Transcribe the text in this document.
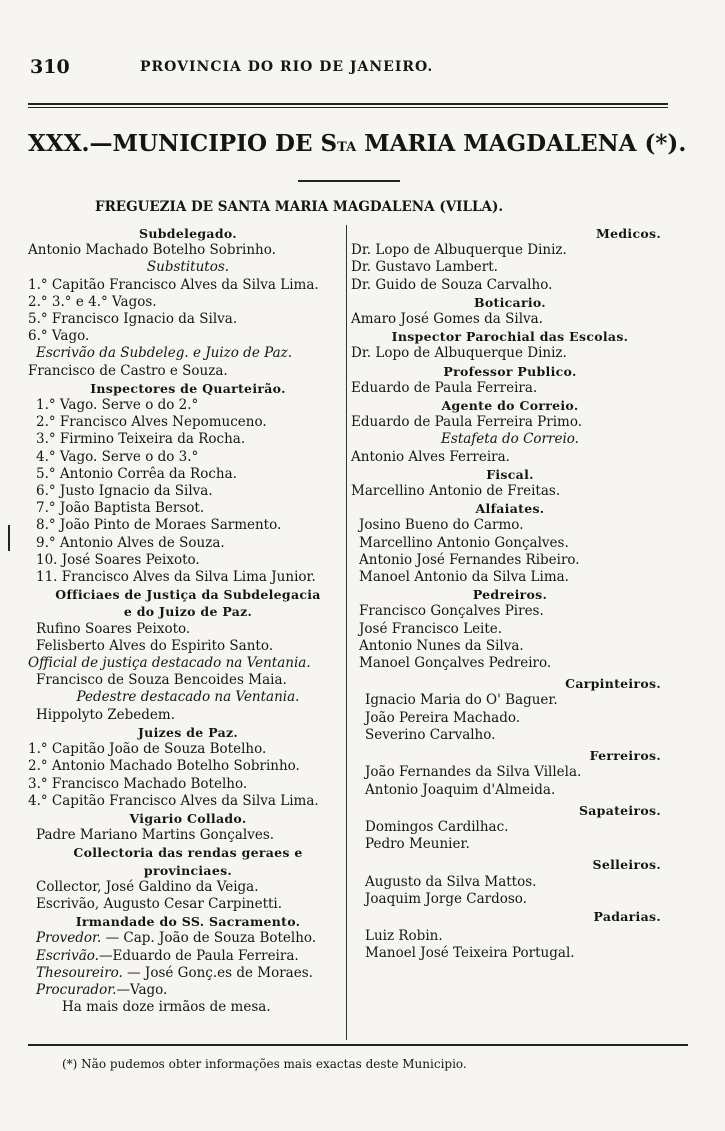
310	PROVINCIA DO RIO DE JANEIRO.
XXX.—MUNICIPIO DE STA MARIA MAGDALENA (*).
FREGUEZIA DE SANTA MARIA MAGDALENA (VILLA).
Subdelegado.
Antonio Machado Botelho Sobrinho.
Substitutos.
1.° Capitão Francisco Alves da Silva Lima.
2.° 3.° e 4.° Vagos.
5.° Francisco Ignacio da Silva.
6.° Vago.
Escrivão da Subdeleg. e Juizo de Paz.
Francisco de Castro e Souza.
Inspectores de Quarteirão.
1.° Vago. Serve o do 2.°
2.° Francisco Alves Nepomuceno.
3.° Firmino Teixeira da Rocha.
4.° Vago. Serve o do 3.°
5.° Antonio Corrêa da Rocha.
6.° Justo Ignacio da Silva.
7.° João Baptista Bersot.
8.° João Pinto de Moraes Sarmento.
9.° Antonio Alves de Souza.
10. José Soares Peixoto.
11. Francisco Alves da Silva Lima Junior.
Officiaes de Justiça da Subdelegacia
e do Juizo de Paz.
Rufino Soares Peixoto.
Felisberto Alves do Espirito Santo.
Official de justiça destacado na Ventania.
Francisco de Souza Bencoides Maia.
Pedestre destacado na Ventania.
Hippolyto Zebedem.
Juizes de Paz.
1.° Capitão João de Souza Botelho.
2.° Antonio Machado Botelho Sobrinho.
3.° Francisco Machado Botelho.
4.° Capitão Francisco Alves da Silva Lima.
Vigario Collado.
Padre Mariano Martins Gonçalves.
Collectoria das rendas geraes e
provinciaes.
Collector, José Galdino da Veiga.
Escrivão, Augusto Cesar Carpinetti.
Irmandade do SS. Sacramento.
Provedor. — Cap. João de Souza Botelho.
Escrivão.—Eduardo de Paula Ferreira.
Thesoureiro. — José Gonç.es de Moraes.
Procurador.—Vago.
Ha mais doze irmãos de mesa.
Medicos.
Dr. Lopo de Albuquerque Diniz.
Dr. Gustavo Lambert.
Dr. Guido de Souza Carvalho.
Boticario.
Amaro José Gomes da Silva.
Inspector Parochial das Escolas.
Dr. Lopo de Albuquerque Diniz.
Professor Publico.
Eduardo de Paula Ferreira.
Agente do Correio.
Eduardo de Paula Ferreira Primo.
Estafeta do Correio.
Antonio Alves Ferreira.
Fiscal.
Marcellino Antonio de Freitas.
Alfaiates.
Josino Bueno do Carmo.
Marcellino Antonio Gonçalves.
Antonio José Fernandes Ribeiro.
Manoel Antonio da Silva Lima.
Pedreiros.
Francisco Gonçalves Pires.
José Francisco Leite.
Antonio Nunes da Silva.
Manoel Gonçalves Pedreiro.
Carpinteiros.
Ignacio Maria do O' Baguer.
João Pereira Machado.
Severino Carvalho.
Ferreiros.
João Fernandes da Silva Villela.
Antonio Joaquim d'Almeida.
Sapateiros.
Domingos Cardilhac.
Pedro Meunier.
Selleiros.
Augusto da Silva Mattos.
Joaquim Jorge Cardoso.
Padarias.
Luiz Robin.
Manoel José Teixeira Portugal.
(*) Não pudemos obter informações mais exactas deste Municipio.
